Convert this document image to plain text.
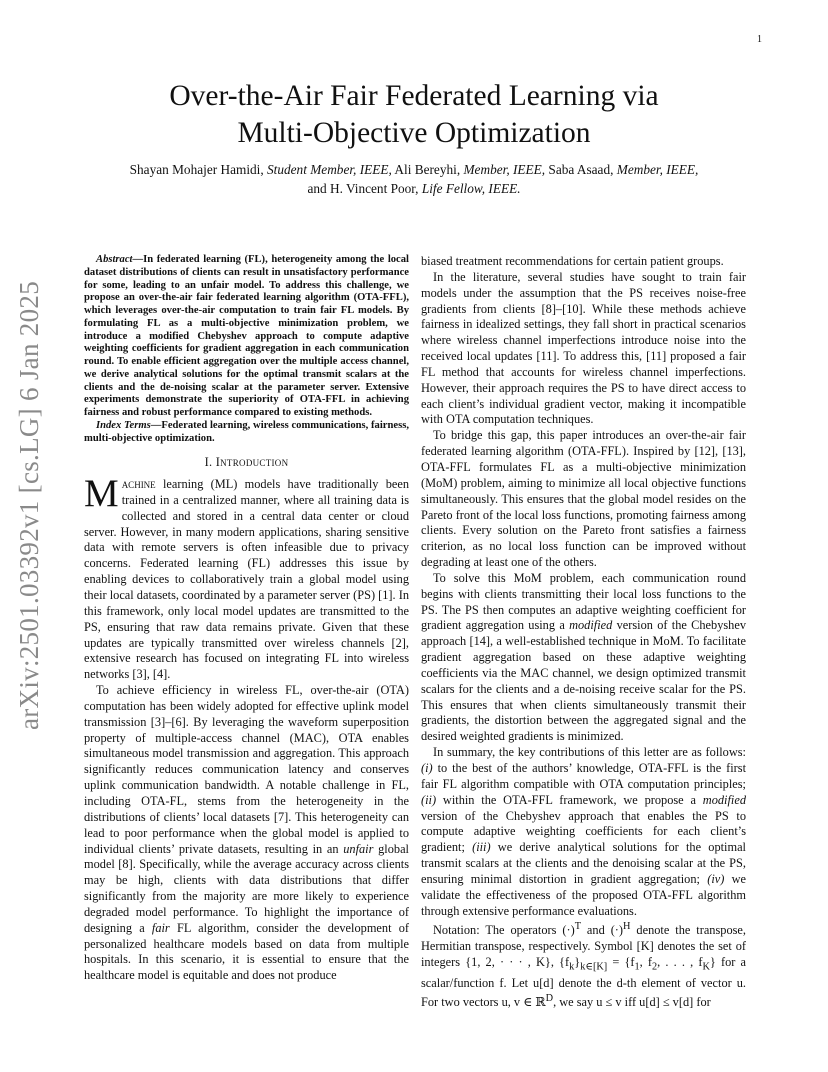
1
arXiv:2501.03392v1 [cs.LG] 6 Jan 2025
Over-the-Air Fair Federated Learning via
Multi-Objective Optimization
Shayan Mohajer Hamidi, Student Member, IEEE, Ali Bereyhi, Member, IEEE, Saba Asaad, Member, IEEE,
and H. Vincent Poor, Life Fellow, IEEE.

Abstract—In federated learning (FL), heterogeneity among the local dataset distributions of clients can result in unsatisfactory performance for some, leading to an unfair model. To address this challenge, we propose an over-the-air fair federated learning algorithm (OTA-FFL), which leverages over-the-air computation to train fair FL models. By formulating FL as a multi-objective minimization problem, we introduce a modified Chebyshev approach to compute adaptive weighting coefficients for gradient aggregation in each communication round. To enable efficient aggregation over the multiple access channel, we derive analytical solutions for the optimal transmit scalars at the clients and the de-noising scalar at the parameter server. Extensive experiments demonstrate the superiority of OTA-FFL in achieving fairness and robust performance compared to existing methods.

Index Terms—Federated learning, wireless communications, fairness, multi-objective optimization.

I. Introduction

Machine learning (ML) models have traditionally been trained in a centralized manner, where all training data is collected and stored in a central data center or cloud server. However, in many modern applications, sharing sensitive data with remote servers is often infeasible due to privacy concerns. Federated learning (FL) addresses this issue by enabling devices to collaboratively train a global model using their local datasets, coordinated by a parameter server (PS) [1]. In this framework, only local model updates are transmitted to the PS, ensuring that raw data remains private. Given that these updates are typically transmitted over wireless channels [2], extensive research has focused on integrating FL into wireless networks [3], [4].

To achieve efficiency in wireless FL, over-the-air (OTA) computation has been widely adopted for effective uplink model transmission [3]–[6]. By leveraging the waveform superposition property of multiple-access channel (MAC), OTA enables simultaneous model transmission and aggregation. This approach significantly reduces communication latency and conserves uplink communication bandwidth. A notable challenge in FL, including OTA-FL, stems from the heterogeneity in the distributions of clients’ local datasets [7]. This heterogeneity can lead to poor performance when the global model is applied to individual clients’ private datasets, resulting in an unfair global model [8]. Specifically, while the average accuracy across clients may be high, clients with data distributions that differ significantly from the majority are more likely to experience degraded model performance. To highlight the importance of designing a fair FL algorithm, consider the development of personalized healthcare models based on data from multiple hospitals. In this scenario, it is essential to ensure that the healthcare model is equitable and does not produce

biased treatment recommendations for certain patient groups.

In the literature, several studies have sought to train fair models under the assumption that the PS receives noise-free gradients from clients [8]–[10]. While these methods achieve fairness in idealized settings, they fall short in practical scenarios where wireless channel imperfections introduce noise into the received local updates [11]. To address this, [11] proposed a fair FL method that accounts for wireless channel imperfections. However, their approach requires the PS to have direct access to each client’s individual gradient vector, making it incompatible with OTA computation techniques.

To bridge this gap, this paper introduces an over-the-air fair federated learning algorithm (OTA-FFL). Inspired by [12], [13], OTA-FFL formulates FL as a multi-objective minimization (MoM) problem, aiming to minimize all local objective functions simultaneously. This ensures that the global model resides on the Pareto front of the local loss functions, promoting fairness among clients. Every solution on the Pareto front satisfies a fairness criterion, as no local loss function can be improved without degrading at least one of the others.

To solve this MoM problem, each communication round begins with clients transmitting their local loss functions to the PS. The PS then computes an adaptive weighting coefficient for gradient aggregation using a modified version of the Chebyshev approach [14], a well-established technique in MoM. To facilitate gradient aggregation based on these adaptive weighting coefficients via the MAC channel, we design optimized transmit scalars for the clients and a de-noising receive scalar for the PS. This ensures that when clients simultaneously transmit their gradients, the distortion between the aggregated signal and the desired weighted gradients is minimized.

In summary, the key contributions of this letter are as follows: (i) to the best of the authors’ knowledge, OTA-FFL is the first fair FL algorithm compatible with OTA computation principles; (ii) within the OTA-FFL framework, we propose a modified version of the Chebyshev approach that enables the PS to compute adaptive weighting coefficients for each client’s gradient; (iii) we derive analytical solutions for the optimal transmit scalars at the clients and the denoising scalar at the PS, ensuring minimal distortion in gradient aggregation; (iv) we validate the effectiveness of the proposed OTA-FFL algorithm through extensive performance evaluations.

Notation: The operators $(\cdot)^T$ and $(\cdot)^H$ denote the transpose, Hermitian transpose, respectively. Symbol [K] denotes the set of integers {1, 2, · · · , K}, $\{f_k\}_{k\in[K]} = \{f_1$, $f_2$, . . . , $f_K$} for a scalar/function f. Let u[d] denote the d-th element of vector u. For two vectors u, v ∈ ℝ$^D$, we say u ≤ v iff u[d] ≤ v[d] for
